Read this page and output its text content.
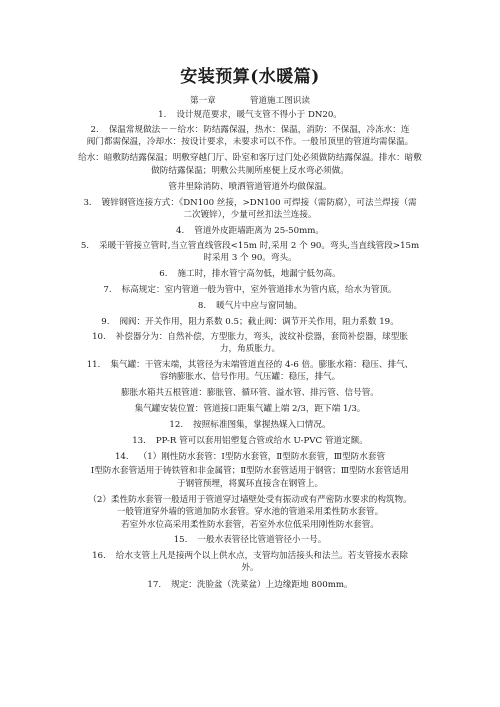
安装预算(水暖篇)
第一章	管道施工图识读
1. 设计规范要求，暖气支管不得小于 DN20。
2. 保温常规做法－－给水：防结露保温，热水：保温，消防：不保温，冷冻水：连
阀门都需保温，冷却水：按设计要求，未要求可以不作。一般吊顶里的管道均需保温。
给水：暗敷防结露保温；明敷穿越门厅、卧室和客厅过门处必须做防结露保温。排水：暗敷
做防结露保温；明敷公共厕所座便上反水弯必须做。
管井里除消防、喷洒管道管道外均做保温。
3. 镀锌钢管连接方式：《DN100 丝接，>DN100 可焊接（需防腐），可法兰焊接（需
二次镀锌），少量可丝扣法兰连接。
4. 管道外皮距墙距离为 25-50mm。
5. 采暖干管接立管时,当立管直线管段<15m 时,采用 2 个 90。弯头,当直线管段>15m
时采用 3 个 90。弯头。
6. 施工时，排水管宁高勿低，地漏宁低勿高。
7. 标高规定：室内管道一般为管中，室外管道排水为管内底，给水为管顶。
8. 暖气片中应与窗同轴。
9. 阀阀：开关作用，阻力系数 0.5；截止阀：调节开关作用，阻力系数 19。
10. 补偿器分为：自然补偿，方型胀力，弯头，波纹补偿器，套筒补偿器，球型胀
力，角质胀力。
11. 集气罐：干管末端，其管径为末端管道直径的 4-6 倍。膨胀水箱：稳压、排气、
容纳膨胀水、信号作用。气压罐：稳压，排气。
膨胀水箱共五根管道：膨胀管、循环管、溢水管、排污管、信号管。
集气罐安装位置：管道接口距集气罐上端 2/3，距下端 1/3。
12. 按照标准图集，掌握热媒入口情况。
13. PP-R 管可以套用铝塑复合管或给水 U-PVC 管道定额。
14. （1）刚性防水套管：Ⅰ型防水套管，Ⅱ型防水套管，Ⅲ型防水套管
Ⅰ型防水套管适用于铸铁管和非金属管；Ⅱ型防水套管适用于钢管；Ⅲ型防水套管适用
于钢管预埋，将翼环直接含在钢管上。
（2）柔性防水套管一般适用于管道穿过墙壁处受有振动或有严密防水要求的构筑物。
一般管道穿外墙的管道加防水套管。穿水池的管道采用柔性防水套管。
若室外水位高采用柔性防水套管，若室外水位低采用刚性防水套管。
15. 一般水表管径比管道管径小一号。
16. 给水支管上凡是接两个以上供水点，支管均加活接头和法兰。若支管接水表除
外。
17. 规定：洗脸盆（洗菜盆）上边缘距地 800mm。
